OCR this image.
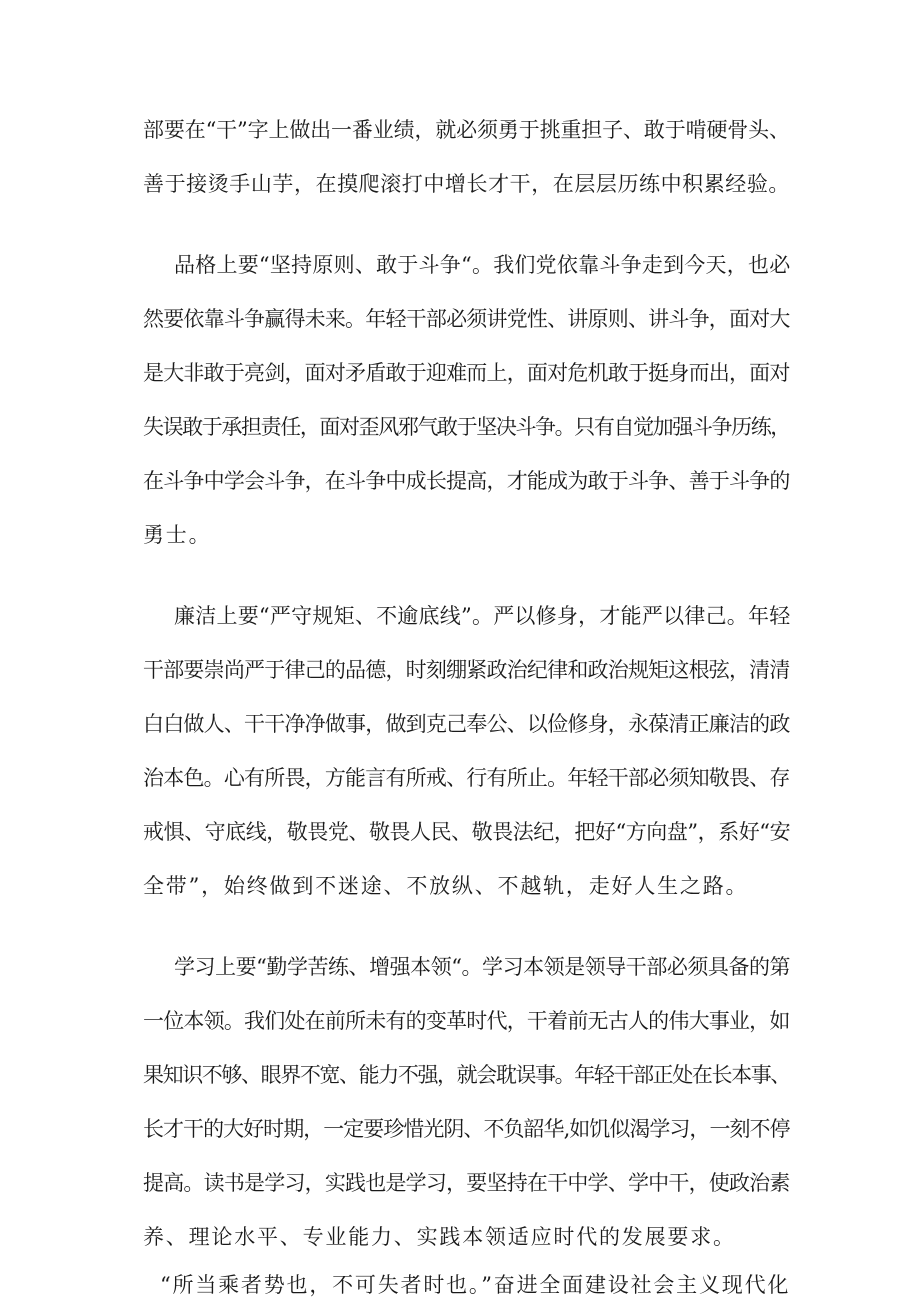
部要在“干”字上做出一番业绩，就必须勇于挑重担子、敢于啃硬骨头、
善于接烫手山芋，在摸爬滚打中增长才干，在层层历练中积累经验。
品格上要“坚持原则、敢于斗争“。我们党依靠斗争走到今天，也必
然要依靠斗争赢得未来。年轻干部必须讲党性、讲原则、讲斗争，面对大
是大非敢于亮剑，面对矛盾敢于迎难而上，面对危机敢于挺身而出，面对
失误敢于承担责任，面对歪风邪气敢于坚决斗争。只有自觉加强斗争历练，
在斗争中学会斗争，在斗争中成长提高，才能成为敢于斗争、善于斗争的
勇士。
廉洁上要“严守规矩、不逾底线”。严以修身，才能严以律己。年轻
干部要崇尚严于律己的品德，时刻绷紧政治纪律和政治规矩这根弦，清清
白白做人、干干净净做事，做到克己奉公、以俭修身，永葆清正廉洁的政
治本色。心有所畏，方能言有所戒、行有所止。年轻干部必须知敬畏、存
戒惧、守底线，敬畏党、敬畏人民、敬畏法纪，把好“方向盘”，系好“安
全带”，始终做到不迷途、不放纵、不越轨，走好人生之路。
学习上要“勤学苦练、增强本领“。学习本领是领导干部必须具备的第
一位本领。我们处在前所未有的变革时代，干着前无古人的伟大事业，如
果知识不够、眼界不宽、能力不强，就会耽误事。年轻干部正处在长本事、
长才干的大好时期，一定要珍惜光阴、不负韶华,如饥似渴学习，一刻不停
提高。读书是学习，实践也是学习，要坚持在干中学、学中干，使政治素
养、理论水平、专业能力、实践本领适应时代的发展要求。
“所当乘者势也，不可失者时也。”奋进全面建设社会主义现代化
